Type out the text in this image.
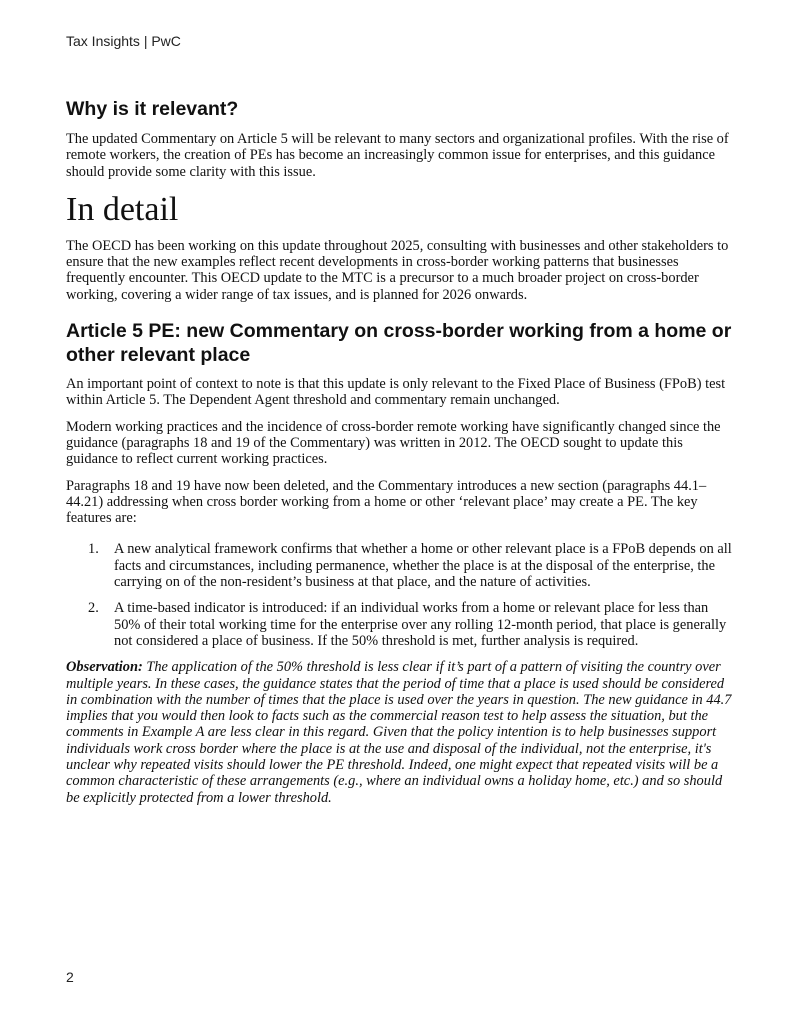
Tax Insights | PwC
Why is it relevant?

The updated Commentary on Article 5 will be relevant to many sectors and organizational profiles. With the rise of remote workers, the creation of PEs has become an increasingly common issue for enterprises, and this guidance should provide some clarity with this issue.

In detail

The OECD has been working on this update throughout 2025, consulting with businesses and other stakeholders to ensure that the new examples reflect recent developments in cross-border working patterns that businesses frequently encounter. This OECD update to the MTC is a precursor to a much broader project on cross-border working, covering a wider range of tax issues, and is planned for 2026 onwards.

Article 5 PE: new Commentary on cross-border working from a home or other relevant place

An important point of context to note is that this update is only relevant to the Fixed Place of Business (FPoB) test within Article 5. The Dependent Agent threshold and commentary remain unchanged.

Modern working practices and the incidence of cross-border remote working have significantly changed since the guidance (paragraphs 18 and 19 of the Commentary) was written in 2012. The OECD sought to update this guidance to reflect current working practices.

Paragraphs 18 and 19 have now been deleted, and the Commentary introduces a new section (paragraphs 44.1–44.21) addressing when cross border working from a home or other ‘relevant place’ may create a PE. The key features are:

1. A new analytical framework confirms that whether a home or other relevant place is a FPoB depends on all facts and circumstances, including permanence, whether the place is at the disposal of the enterprise, the carrying on of the non-resident’s business at that place, and the nature of activities.
2. A time-based indicator is introduced: if an individual works from a home or relevant place for less than 50% of their total working time for the enterprise over any rolling 12-month period, that place is generally not considered a place of business. If the 50% threshold is met, further analysis is required.
Observation: The application of the 50% threshold is less clear if it’s part of a pattern of visiting the country over multiple years. In these cases, the guidance states that the period of time that a place is used should be considered in combination with the number of times that the place is used over the years in question. The new guidance in 44.7 implies that you would then look to facts such as the commercial reason test to help assess the situation, but the comments in Example A are less clear in this regard. Given that the policy intention is to help businesses support individuals work cross border where the place is at the use and disposal of the individual, not the enterprise, it's unclear why repeated visits should lower the PE threshold. Indeed, one might expect that repeated visits will be a common characteristic of these arrangements (e.g., where an individual owns a holiday home, etc.) and so should be explicitly protected from a lower threshold.
2
